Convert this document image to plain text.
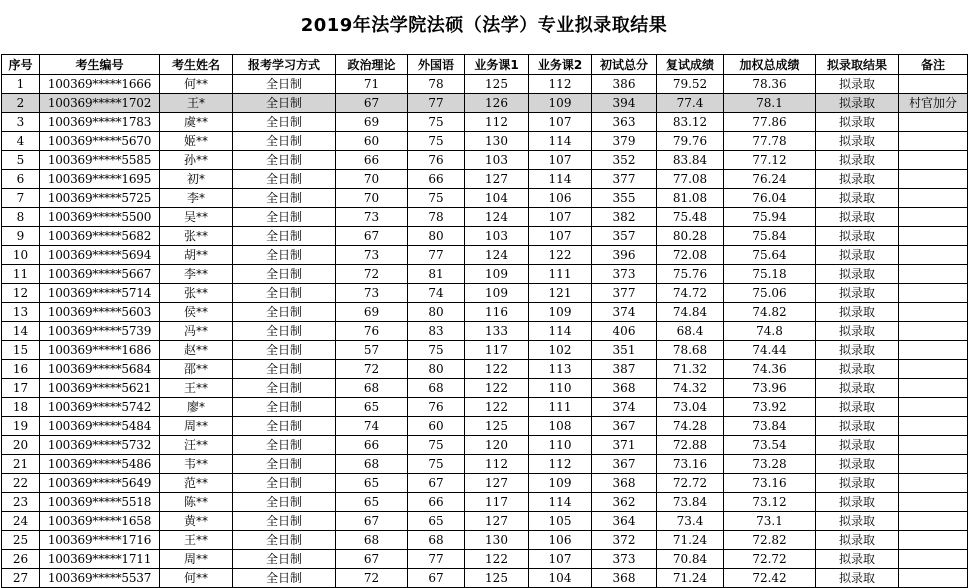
2019年法学院法硕（法学）专业拟录取结果
序号	考生编号	考生姓名	报考学习方式	政治理论	外国语	业务课1	业务课2	初试总分	复试成绩	加权总成绩	拟录取结果	备注
1	100369*****1666	何**	全日制	71	78	125	112	386	79.52	78.36	拟录取	
2	100369*****1702	王*	全日制	67	77	126	109	394	77.4	78.1	拟录取	村官加分
3	100369*****1783	虞**	全日制	69	75	112	107	363	83.12	77.86	拟录取	
4	100369*****5670	姬**	全日制	60	75	130	114	379	79.76	77.78	拟录取	
5	100369*****5585	孙**	全日制	66	76	103	107	352	83.84	77.12	拟录取	
6	100369*****1695	初*	全日制	70	66	127	114	377	77.08	76.24	拟录取	
7	100369*****5725	李*	全日制	70	75	104	106	355	81.08	76.04	拟录取	
8	100369*****5500	吴**	全日制	73	78	124	107	382	75.48	75.94	拟录取	
9	100369*****5682	张**	全日制	67	80	103	107	357	80.28	75.84	拟录取	
10	100369*****5694	胡**	全日制	73	77	124	122	396	72.08	75.64	拟录取	
11	100369*****5667	李**	全日制	72	81	109	111	373	75.76	75.18	拟录取	
12	100369*****5714	张**	全日制	73	74	109	121	377	74.72	75.06	拟录取	
13	100369*****5603	侯**	全日制	69	80	116	109	374	74.84	74.82	拟录取	
14	100369*****5739	冯**	全日制	76	83	133	114	406	68.4	74.8	拟录取	
15	100369*****1686	赵**	全日制	57	75	117	102	351	78.68	74.44	拟录取	
16	100369*****5684	邵**	全日制	72	80	122	113	387	71.32	74.36	拟录取	
17	100369*****5621	王**	全日制	68	68	122	110	368	74.32	73.96	拟录取	
18	100369*****5742	廖*	全日制	65	76	122	111	374	73.04	73.92	拟录取	
19	100369*****5484	周**	全日制	74	60	125	108	367	74.28	73.84	拟录取	
20	100369*****5732	汪**	全日制	66	75	120	110	371	72.88	73.54	拟录取	
21	100369*****5486	韦**	全日制	68	75	112	112	367	73.16	73.28	拟录取	
22	100369*****5649	范**	全日制	65	67	127	109	368	72.72	73.16	拟录取	
23	100369*****5518	陈**	全日制	65	66	117	114	362	73.84	73.12	拟录取	
24	100369*****1658	黄**	全日制	67	65	127	105	364	73.4	73.1	拟录取	
25	100369*****1716	王**	全日制	68	68	130	106	372	71.24	72.82	拟录取	
26	100369*****1711	周**	全日制	67	77	122	107	373	70.84	72.72	拟录取	
27	100369*****5537	何**	全日制	72	67	125	104	368	71.24	72.42	拟录取	
